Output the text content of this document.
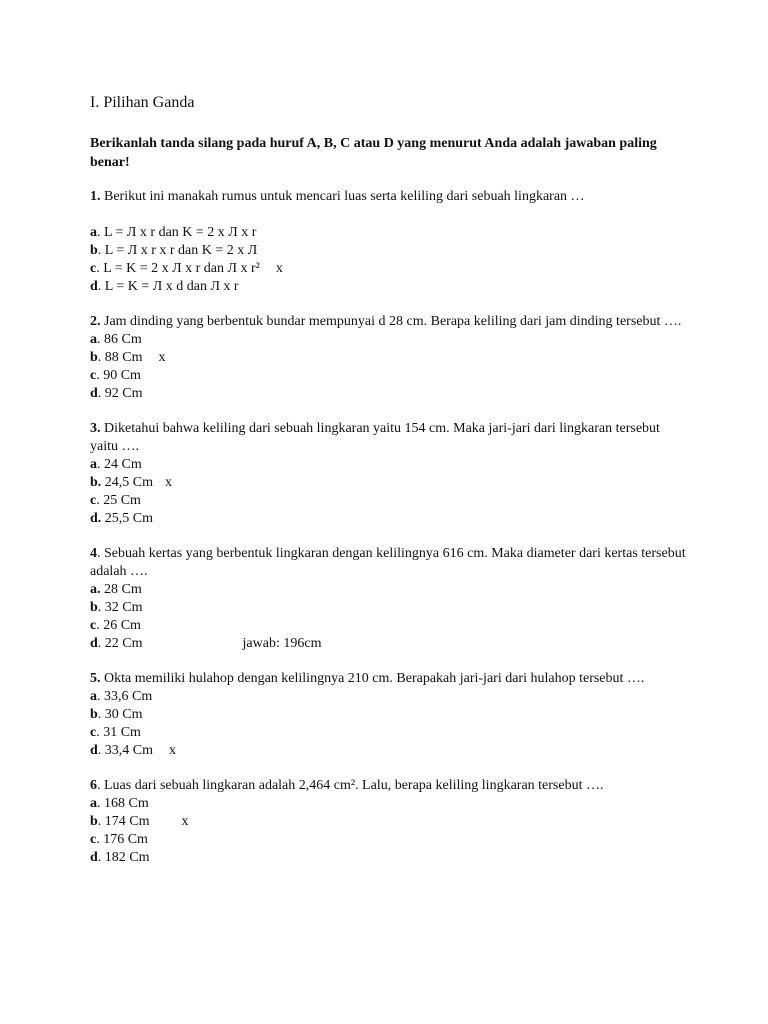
I. Pilihan Ganda

Berikanlah tanda silang pada huruf A, B, C atau D yang menurut Anda adalah jawaban paling benar!

1. Berikut ini manakah rumus untuk mencari luas serta keliling dari sebuah lingkaran …

a. L = Л x r dan K = 2 x Л x r

b. L = Л x r x r dan K = 2 x Л

c. L = K = 2 x Л x r dan Л x r² x

d. L = K = Л x d dan Л x r

2. Jam dinding yang berbentuk bundar mempunyai d 28 cm. Berapa keliling dari jam dinding tersebut ….

a. 86 Cm

b. 88 Cm x

c. 90 Cm

d. 92 Cm

3. Diketahui bahwa keliling dari sebuah lingkaran yaitu 154 cm. Maka jari-jari dari lingkaran tersebut yaitu ….

a. 24 Cm

b. 24,5 Cm x

c. 25 Cm

d. 25,5 Cm

4. Sebuah kertas yang berbentuk lingkaran dengan kelilingnya 616 cm. Maka diameter dari kertas tersebut adalah ….

a. 28 Cm

b. 32 Cm

c. 26 Cm

d. 22 Cm	jawab: 196cm

5. Okta memiliki hulahop dengan kelilingnya 210 cm. Berapakah jari-jari dari hulahop tersebut ….

a. 33,6 Cm

b. 30 Cm

c. 31 Cm

d. 33,4 Cm x

6. Luas dari sebuah lingkaran adalah 2,464 cm². Lalu, berapa keliling lingkaran tersebut ….

a. 168 Cm

b. 174 Cm x

c. 176 Cm

d. 182 Cm
